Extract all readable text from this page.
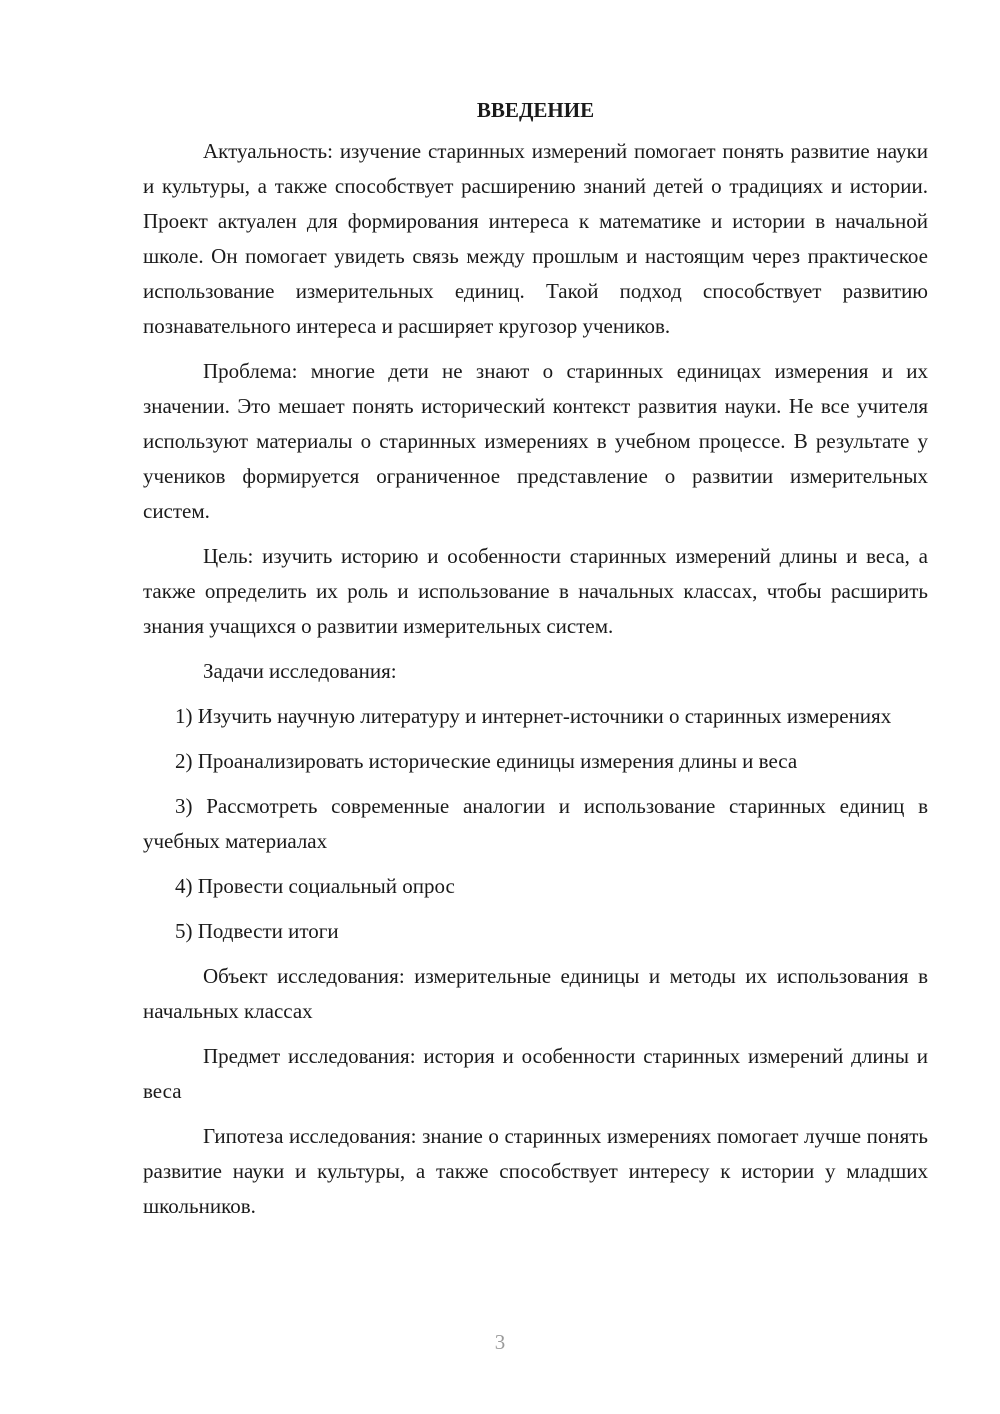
ВВЕДЕНИЕ

Актуальность: изучение старинных измерений помогает понять развитие науки и культуры, а также способствует расширению знаний детей о традициях и истории. Проект актуален для формирования интереса к математике и истории в начальной школе. Он помогает увидеть связь между прошлым и настоящим через практическое использование измерительных единиц. Такой подход способствует развитию познавательного интереса и расширяет кругозор учеников.

Проблема: многие дети не знают о старинных единицах измерения и их значении. Это мешает понять исторический контекст развития науки. Не все учителя используют материалы о старинных измерениях в учебном процессе. В результате у учеников формируется ограниченное представление о развитии измерительных систем.

Цель: изучить историю и особенности старинных измерений длины и веса, а также определить их роль и использование в начальных классах, чтобы расширить знания учащихся о развитии измерительных систем.

Задачи исследования:

1) Изучить научную литературу и интернет-источники о старинных измерениях

2) Проанализировать исторические единицы измерения длины и веса

3) Рассмотреть современные аналогии и использование старинных единиц в учебных материалах

4) Провести социальный опрос

5) Подвести итоги

Объект исследования: измерительные единицы и методы их использования в начальных классах

Предмет исследования: история и особенности старинных измерений длины и веса

Гипотеза исследования: знание о старинных измерениях помогает лучше понять развитие науки и культуры, а также способствует интересу к истории у младших школьников.

3
